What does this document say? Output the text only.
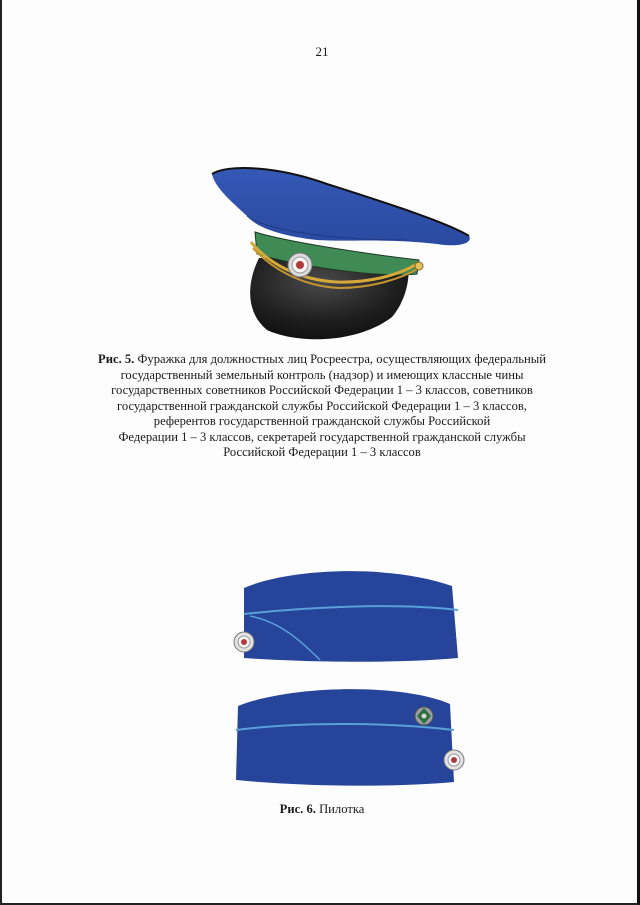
21
Рис. 5. Фуражка для должностных лиц Росреестра, осуществляющих федеральный
государственный земельный контроль (надзор) и имеющих классные чины
государственных советников Российской Федерации 1 – 3 классов, советников
государственной гражданской службы Российской Федерации 1 – 3 классов,
референтов государственной гражданской службы Российской
Федерации 1 – 3 классов, секретарей государственной гражданской службы
Российской Федерации 1 – 3 классов
Рис. 6. Пилотка
